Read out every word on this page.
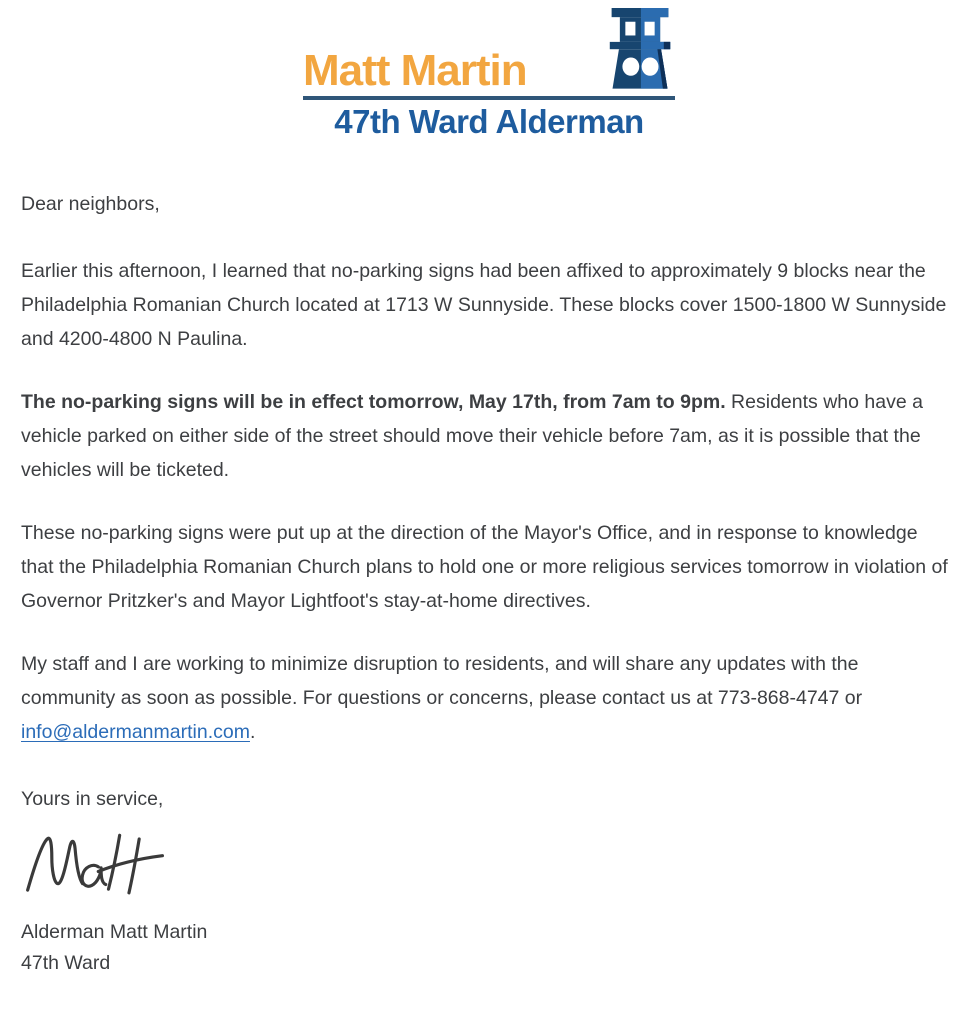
Matt Martin
47th Ward Alderman

Dear neighbors,

Earlier this afternoon, I learned that no-parking signs had been affixed to approximately 9 blocks near the Philadelphia Romanian Church located at 1713 W Sunnyside. These blocks cover 1500-1800 W Sunnyside and 4200-4800 N Paulina.

The no-parking signs will be in effect tomorrow, May 17th, from 7am to 9pm. Residents who have a vehicle parked on either side of the street should move their vehicle before 7am, as it is possible that the vehicles will be ticketed.

These no-parking signs were put up at the direction of the Mayor's Office, and in response to knowledge that the Philadelphia Romanian Church plans to hold one or more religious services tomorrow in violation of Governor Pritzker's and Mayor Lightfoot's stay-at-home directives.

My staff and I are working to minimize disruption to residents, and will share any updates with the community as soon as possible. For questions or concerns, please contact us at 773-868-4747 or info@aldermanmartin.com.

Yours in service,

Alderman Matt Martin

47th Ward
